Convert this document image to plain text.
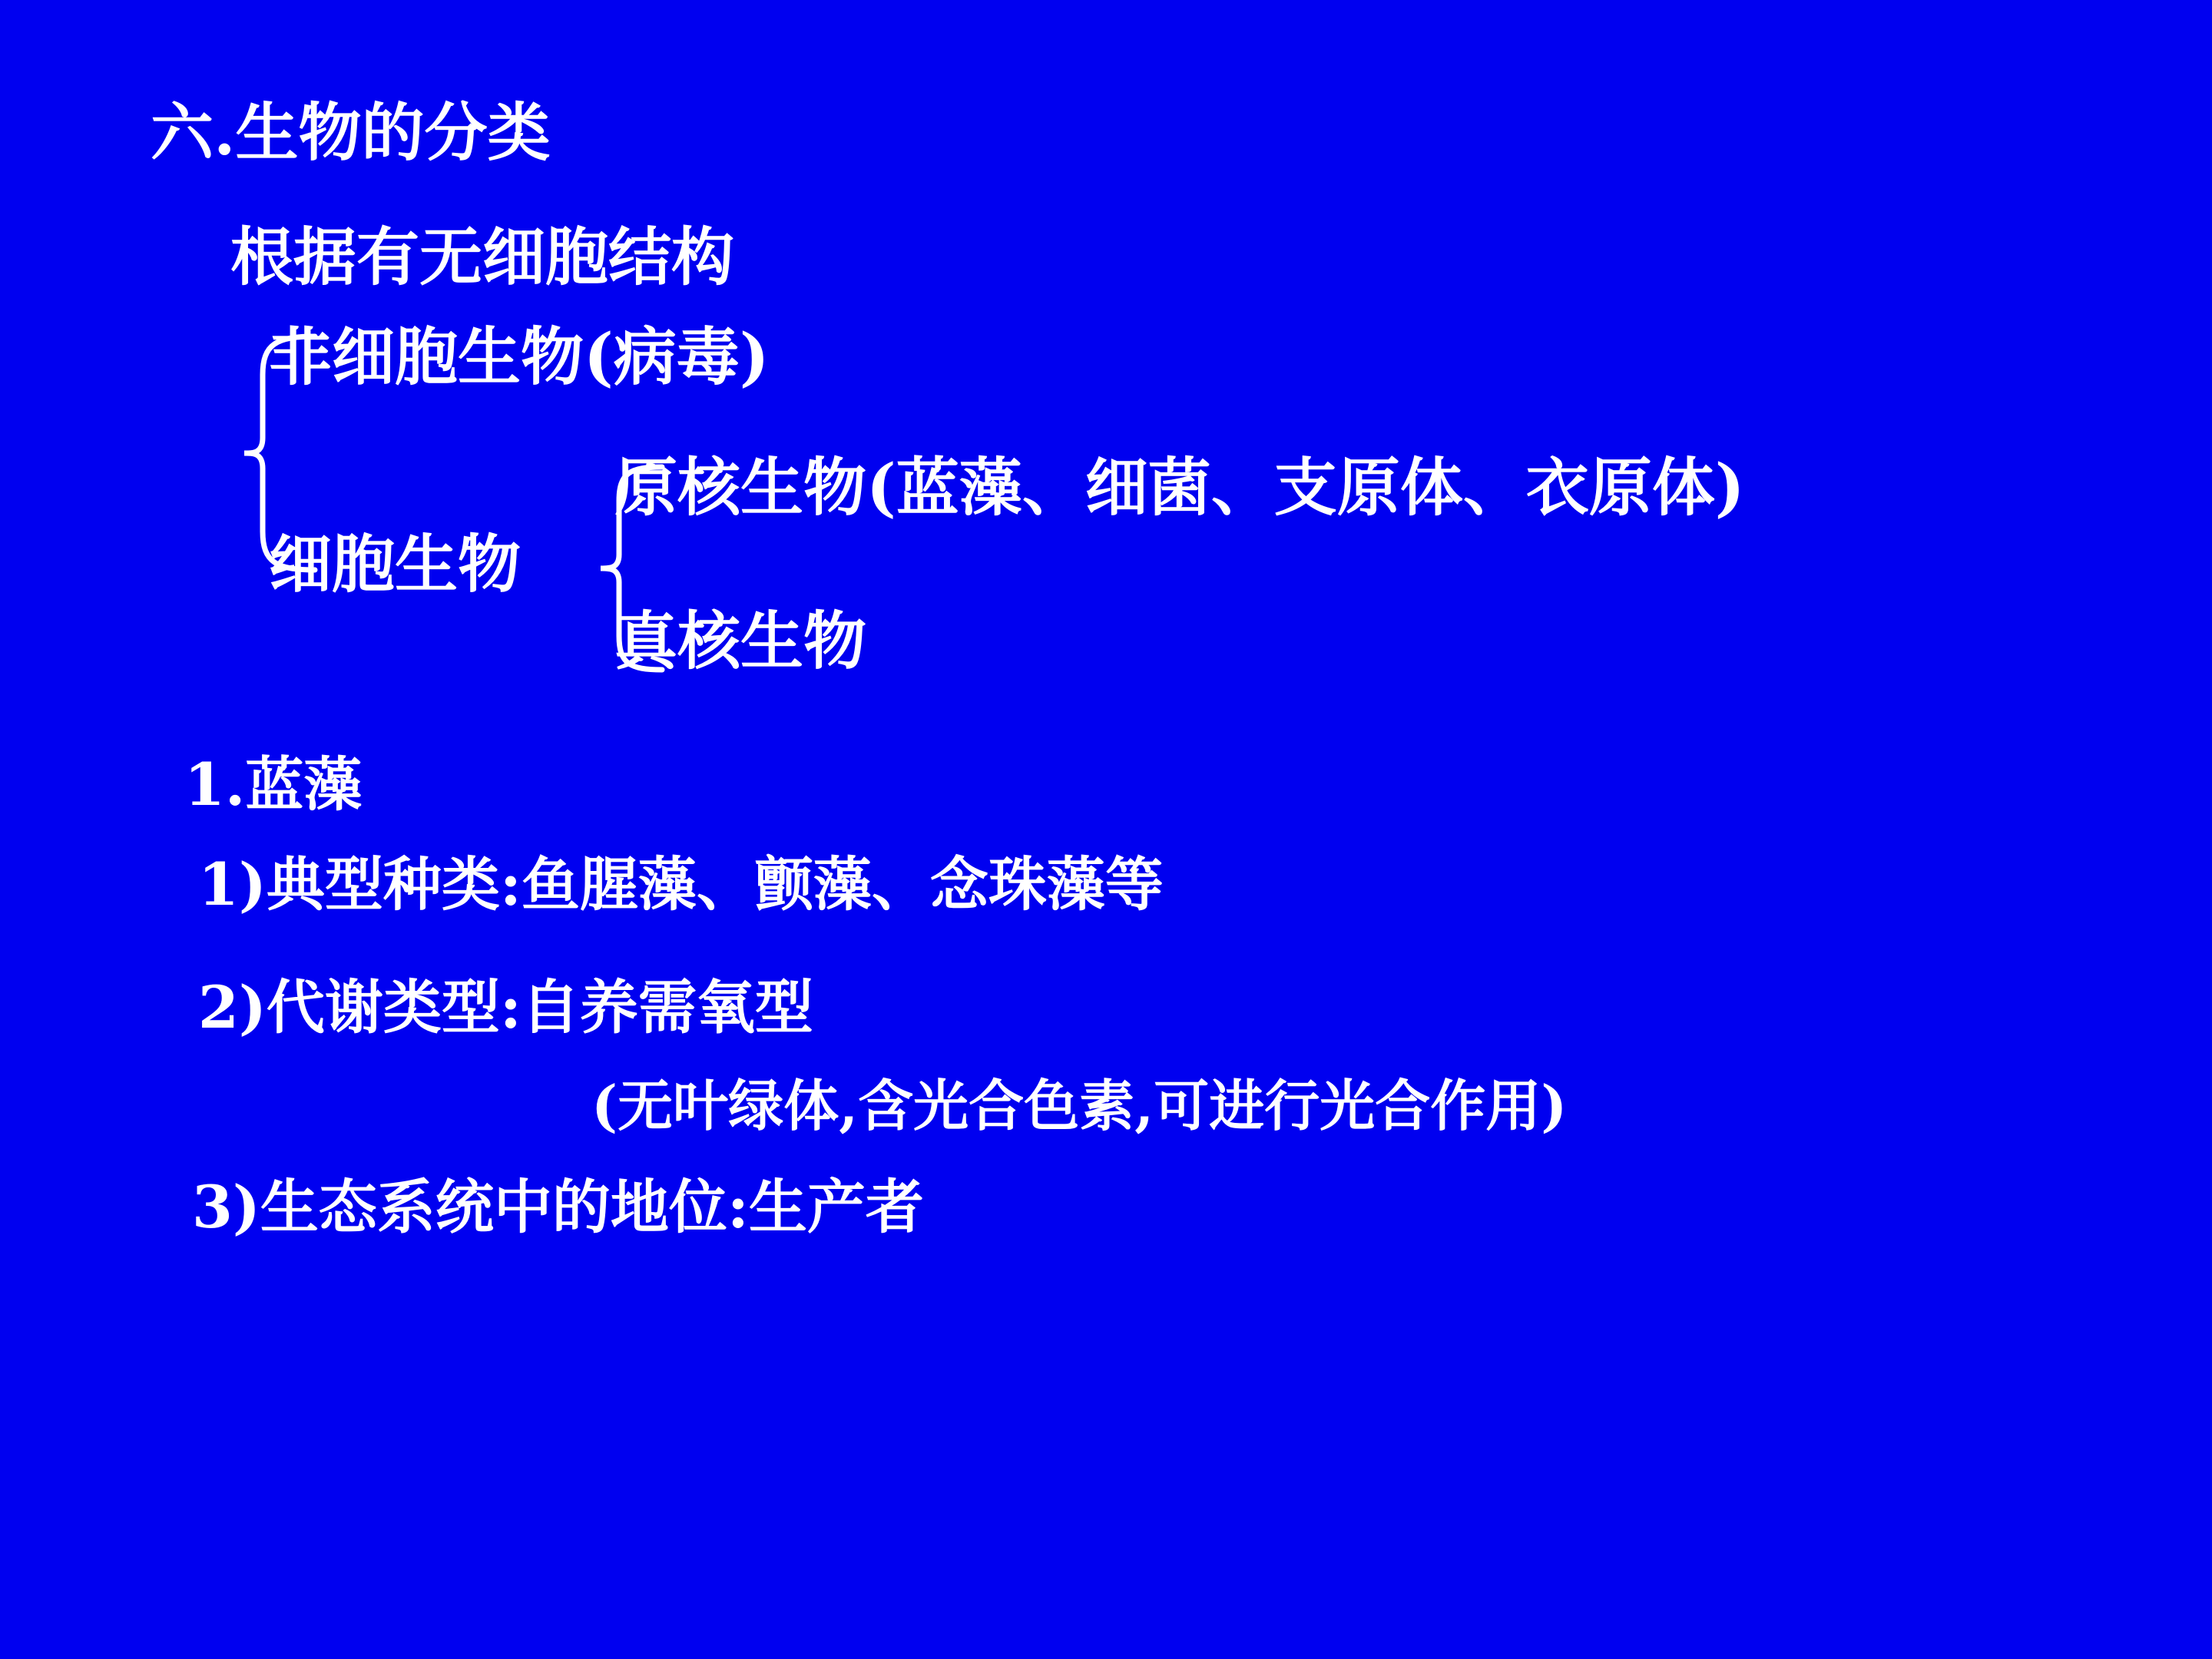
六.生物的分类
根据有无细胞结构
非细胞生物(病毒)
细胞生物
原核生物(蓝藻、细菌、支原体、衣原体)
真核生物
1.蓝藻
1)典型种类:鱼腥藻、颤藻、念珠藻等
2)代谢类型:自养需氧型
(无叶绿体,含光合色素,可进行光合作用)
3)生态系统中的地位:生产者
